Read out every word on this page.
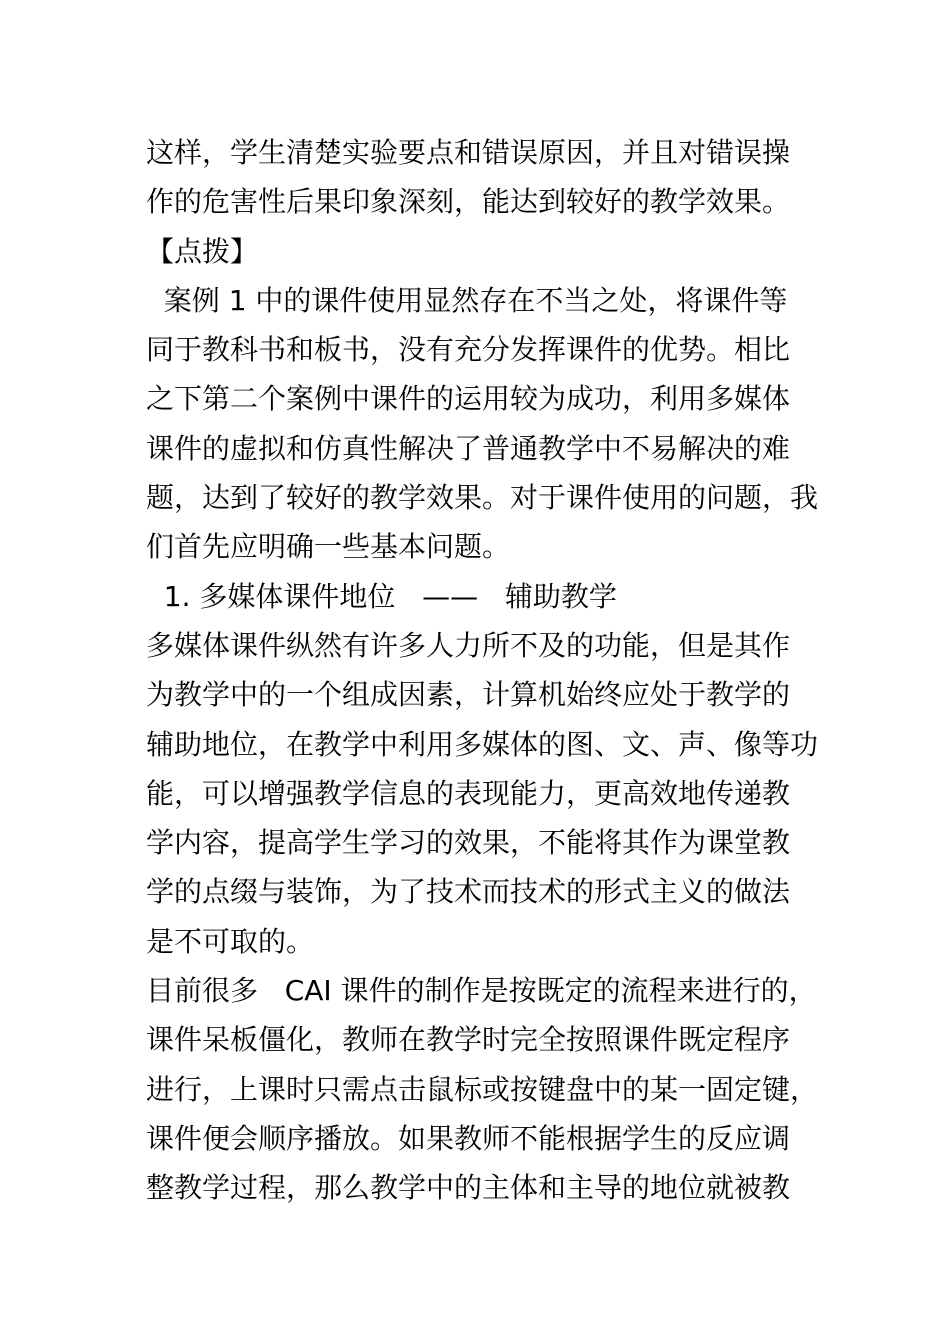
这样，学生清楚实验要点和错误原因，并且对错误操
作的危害性后果印象深刻，能达到较好的教学效果。
【点拨】
案例 1 中的课件使用显然存在不当之处，将课件等
同于教科书和板书，没有充分发挥课件的优势。相比
之下第二个案例中课件的运用较为成功，利用多媒体
课件的虚拟和仿真性解决了普通教学中不易解决的难
题，达到了较好的教学效果。对于课件使用的问题，我
们首先应明确一些基本问题。
1. 多媒体课件地位   ——   辅助教学
多媒体课件纵然有许多人力所不及的功能，但是其作
为教学中的一个组成因素，计算机始终应处于教学的
辅助地位，在教学中利用多媒体的图、文、声、像等功
能，可以增强教学信息的表现能力，更高效地传递教
学内容，提高学生学习的效果，不能将其作为课堂教
学的点缀与装饰，为了技术而技术的形式主义的做法
是不可取的。
目前很多   CAI 课件的制作是按既定的流程来进行的，
课件呆板僵化，教师在教学时完全按照课件既定程序
进行，上课时只需点击鼠标或按键盘中的某一固定键，
课件便会顺序播放。如果教师不能根据学生的反应调
整教学过程，那么教学中的主体和主导的地位就被教
